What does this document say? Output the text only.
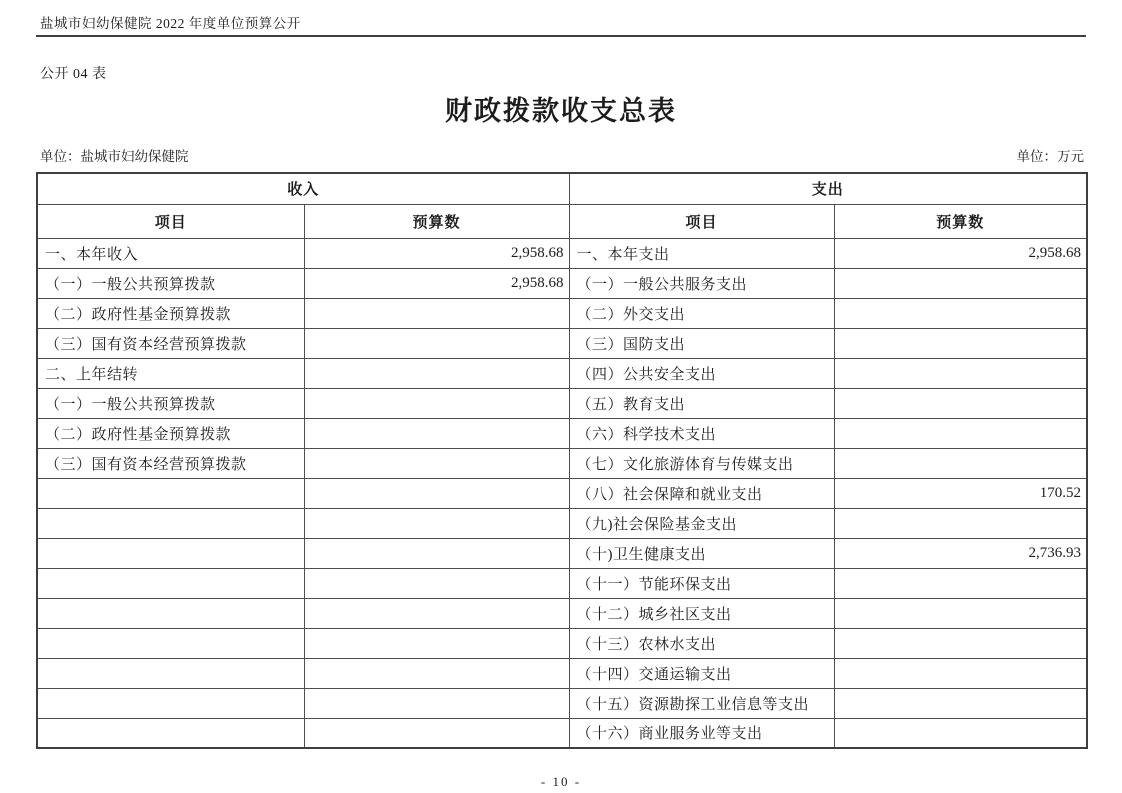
盐城市妇幼保健院 2022 年度单位预算公开
公开 04 表
财政拨款收支总表
单位：盐城市妇幼保健院	单位：万元
收入		支出	
项目	预算数	项目	预算数
一、本年收入	2,958.68	一、本年支出	2,958.68
（一）一般公共预算拨款	2,958.68	（一）一般公共服务支出	
（二）政府性基金预算拨款		（二）外交支出	
（三）国有资本经营预算拨款		（三）国防支出	
二、上年结转		（四）公共安全支出	
（一）一般公共预算拨款		（五）教育支出	
（二）政府性基金预算拨款		（六）科学技术支出	
（三）国有资本经营预算拨款		（七）文化旅游体育与传媒支出	
		（八）社会保障和就业支出	170.52
		（九)社会保险基金支出	
		（十)卫生健康支出	2,736.93
		（十一）节能环保支出	
		（十二）城乡社区支出	
		（十三）农林水支出	
		（十四）交通运输支出	
		（十五）资源勘探工业信息等支出	
		（十六）商业服务业等支出	
- 10 -
